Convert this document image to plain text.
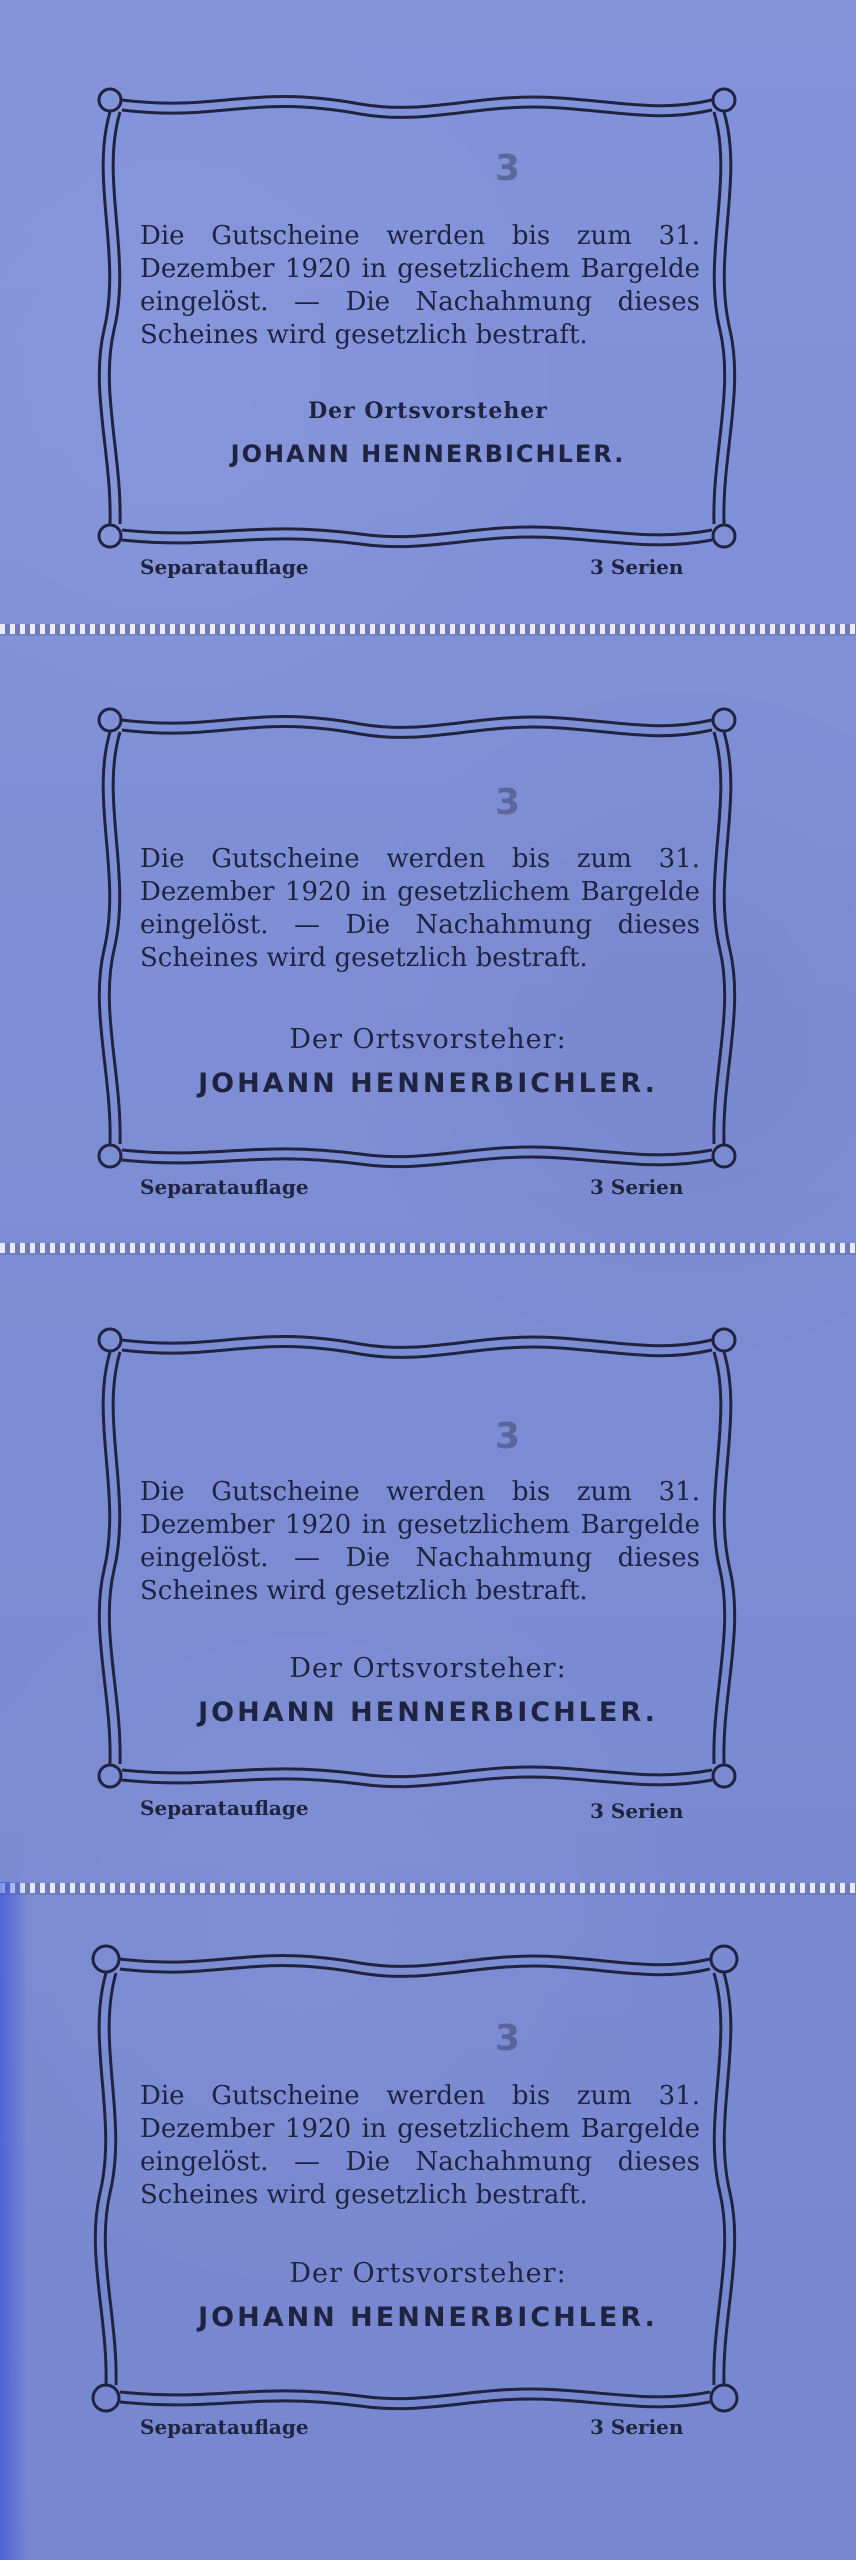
3
Die Gutscheine werden bis zum 31. Dezember 1920 in gesetzlichem Bargelde eingelöst. — Die Nachahmung dieses Scheines wird gesetzlich bestraft.
Der Ortsvorsteher
JOHANN HENNERBICHLER.
Separatauflage	3 Serien
3
Die Gutscheine werden bis zum 31. Dezember 1920 in gesetzlichem Bargelde eingelöst. — Die Nachahmung dieses Scheines wird gesetzlich bestraft.
Der Ortsvorsteher:
JOHANN HENNERBICHLER.
Separatauflage	3 Serien
3
Die Gutscheine werden bis zum 31. Dezember 1920 in gesetzlichem Bargelde eingelöst. — Die Nachahmung dieses Scheines wird gesetzlich bestraft.
Der Ortsvorsteher:
JOHANN HENNERBICHLER.
Separatauflage	3 Serien
3
Die Gutscheine werden bis zum 31. Dezember 1920 in gesetzlichem Bargelde eingelöst. — Die Nachahmung dieses Scheines wird gesetzlich bestraft.
Der Ortsvorsteher:
JOHANN HENNERBICHLER.
Separatauflage	3 Serien
